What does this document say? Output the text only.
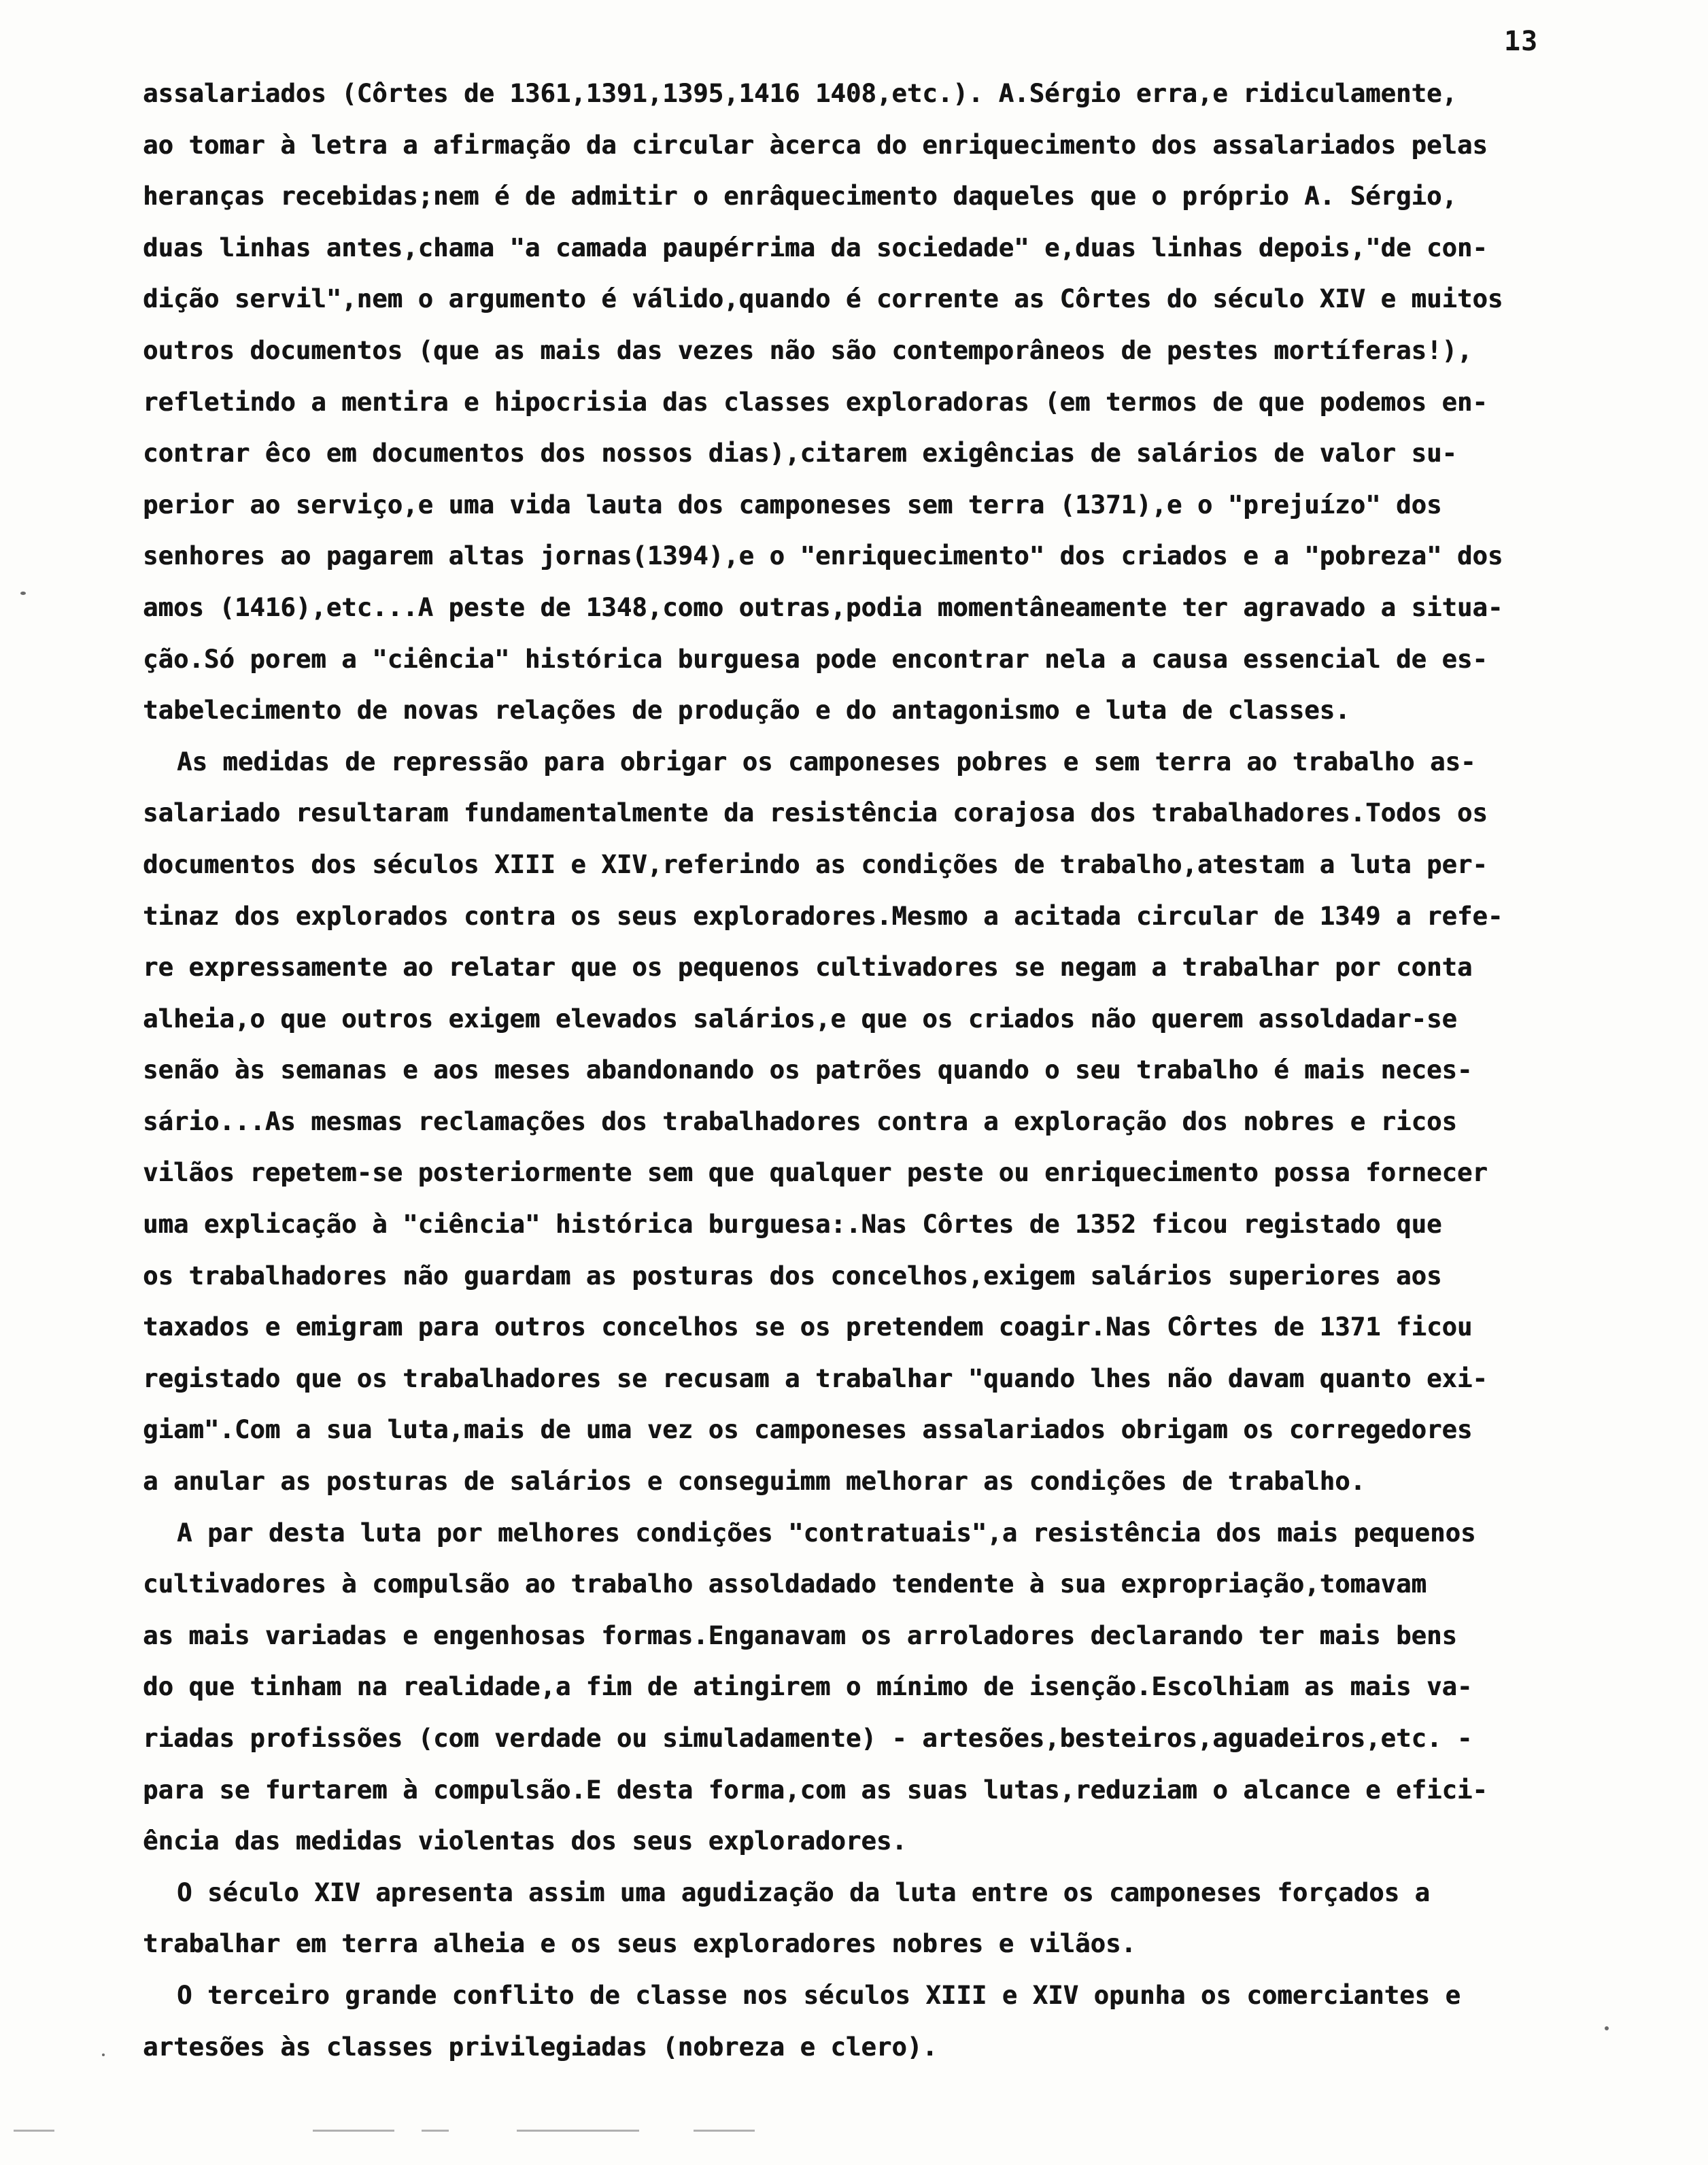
13
assalariados (Côrtes de 1361,1391,1395,1416 1408,etc.). A.Sérgio erra,e ridiculamente,
ao tomar à letra a afirmação da circular àcerca do enriquecimento dos assalariados pelas
heranças recebidas;nem é de admitir o enrâquecimento daqueles que o próprio A. Sérgio,
duas linhas antes,chama "a camada paupérrima da sociedade" e,duas linhas depois,"de con-
dição servil",nem o argumento é válido,quando é corrente as Côrtes do século XIV e muitos
outros documentos (que as mais das vezes não são contemporâneos de pestes mortíferas!),
refletindo a mentira e hipocrisia das classes exploradoras (em termos de que podemos en-
contrar êco em documentos dos nossos dias),citarem exigências de salários de valor su-
perior ao serviço,e uma vida lauta dos camponeses sem terra (1371),e o "prejuízo" dos
senhores ao pagarem altas jornas(1394),e o "enriquecimento" dos criados e a "pobreza" dos
amos (1416),etc...A peste de 1348,como outras,podia momentâneamente ter agravado a situa-
ção.Só porem a "ciência" histórica burguesa pode encontrar nela a causa essencial de es-
tabelecimento de novas relações de produção e do antagonismo e luta de classes.
As medidas de repressão para obrigar os camponeses pobres e sem terra ao trabalho as-
salariado resultaram fundamentalmente da resistência corajosa dos trabalhadores.Todos os
documentos dos séculos XIII e XIV,referindo as condições de trabalho,atestam a luta per-
tinaz dos explorados contra os seus exploradores.Mesmo a acitada circular de 1349 a refe-
re expressamente ao relatar que os pequenos cultivadores se negam a trabalhar por conta
alheia,o que outros exigem elevados salários,e que os criados não querem assoldadar-se
senão às semanas e aos meses abandonando os patrões quando o seu trabalho é mais neces-
sário...As mesmas reclamações dos trabalhadores contra a exploração dos nobres e ricos
vilãos repetem-se posteriormente sem que qualquer peste ou enriquecimento possa fornecer
uma explicação à "ciência" histórica burguesa:.Nas Côrtes de 1352 ficou registado que
os trabalhadores não guardam as posturas dos concelhos,exigem salários superiores aos
taxados e emigram para outros concelhos se os pretendem coagir.Nas Côrtes de 1371 ficou
registado que os trabalhadores se recusam a trabalhar "quando lhes não davam quanto exi-
giam".Com a sua luta,mais de uma vez os camponeses assalariados obrigam os corregedores
a anular as posturas de salários e conseguimm melhorar as condições de trabalho.
A par desta luta por melhores condições "contratuais",a resistência dos mais pequenos
cultivadores à compulsão ao trabalho assoldadado tendente à sua expropriação,tomavam
as mais variadas e engenhosas formas.Enganavam os arroladores declarando ter mais bens
do que tinham na realidade,a fim de atingirem o mínimo de isenção.Escolhiam as mais va-
riadas profissões (com verdade ou simuladamente) - artesões,besteiros,aguadeiros,etc. -
para se furtarem à compulsão.E desta forma,com as suas lutas,reduziam o alcance e efici-
ência das medidas violentas dos seus exploradores.
O século XIV apresenta assim uma agudização da luta entre os camponeses forçados a
trabalhar em terra alheia e os seus exploradores nobres e vilãos.
O terceiro grande conflito de classe nos séculos XIII e XIV opunha os comerciantes e
artesões às classes privilegiadas (nobreza e clero).
